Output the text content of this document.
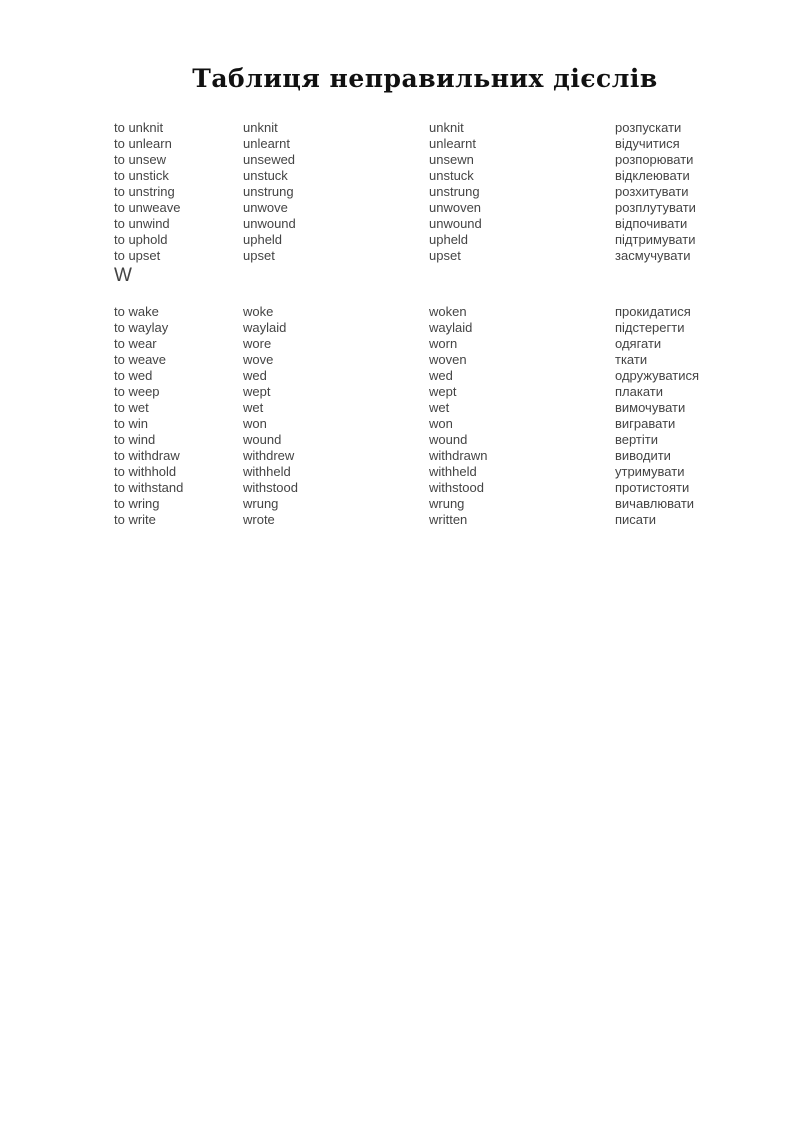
Таблиця неправильних дієслів
to unknit	unknit	unknit	розпускати
to unlearn	unlearnt	unlearnt	відучитися
to unsew	unsewed	unsewn	розпорювати
to unstick	unstuck	unstuck	відклеювати
to unstring	unstrung	unstrung	розхитувати
to unweave	unwove	unwoven	розплутувати
to unwind	unwound	unwound	відпочивати
to uphold	upheld	upheld	підтримувати
to upset	upset	upset	засмучувати
W
to wake	woke	woken	прокидатися
to waylay	waylaid	waylaid	підстерегти
to wear	wore	worn	одягати
to weave	wove	woven	ткати
to wed	wed	wed	одружуватися
to weep	wept	wept	плакати
to wet	wet	wet	вимочувати
to win	won	won	вигравати
to wind	wound	wound	вертіти
to withdraw	withdrew	withdrawn	виводити
to withhold	withheld	withheld	утримувати
to withstand	withstood	withstood	протистояти
to wring	wrung	wrung	вичавлювати
to write	wrote	written	писати
